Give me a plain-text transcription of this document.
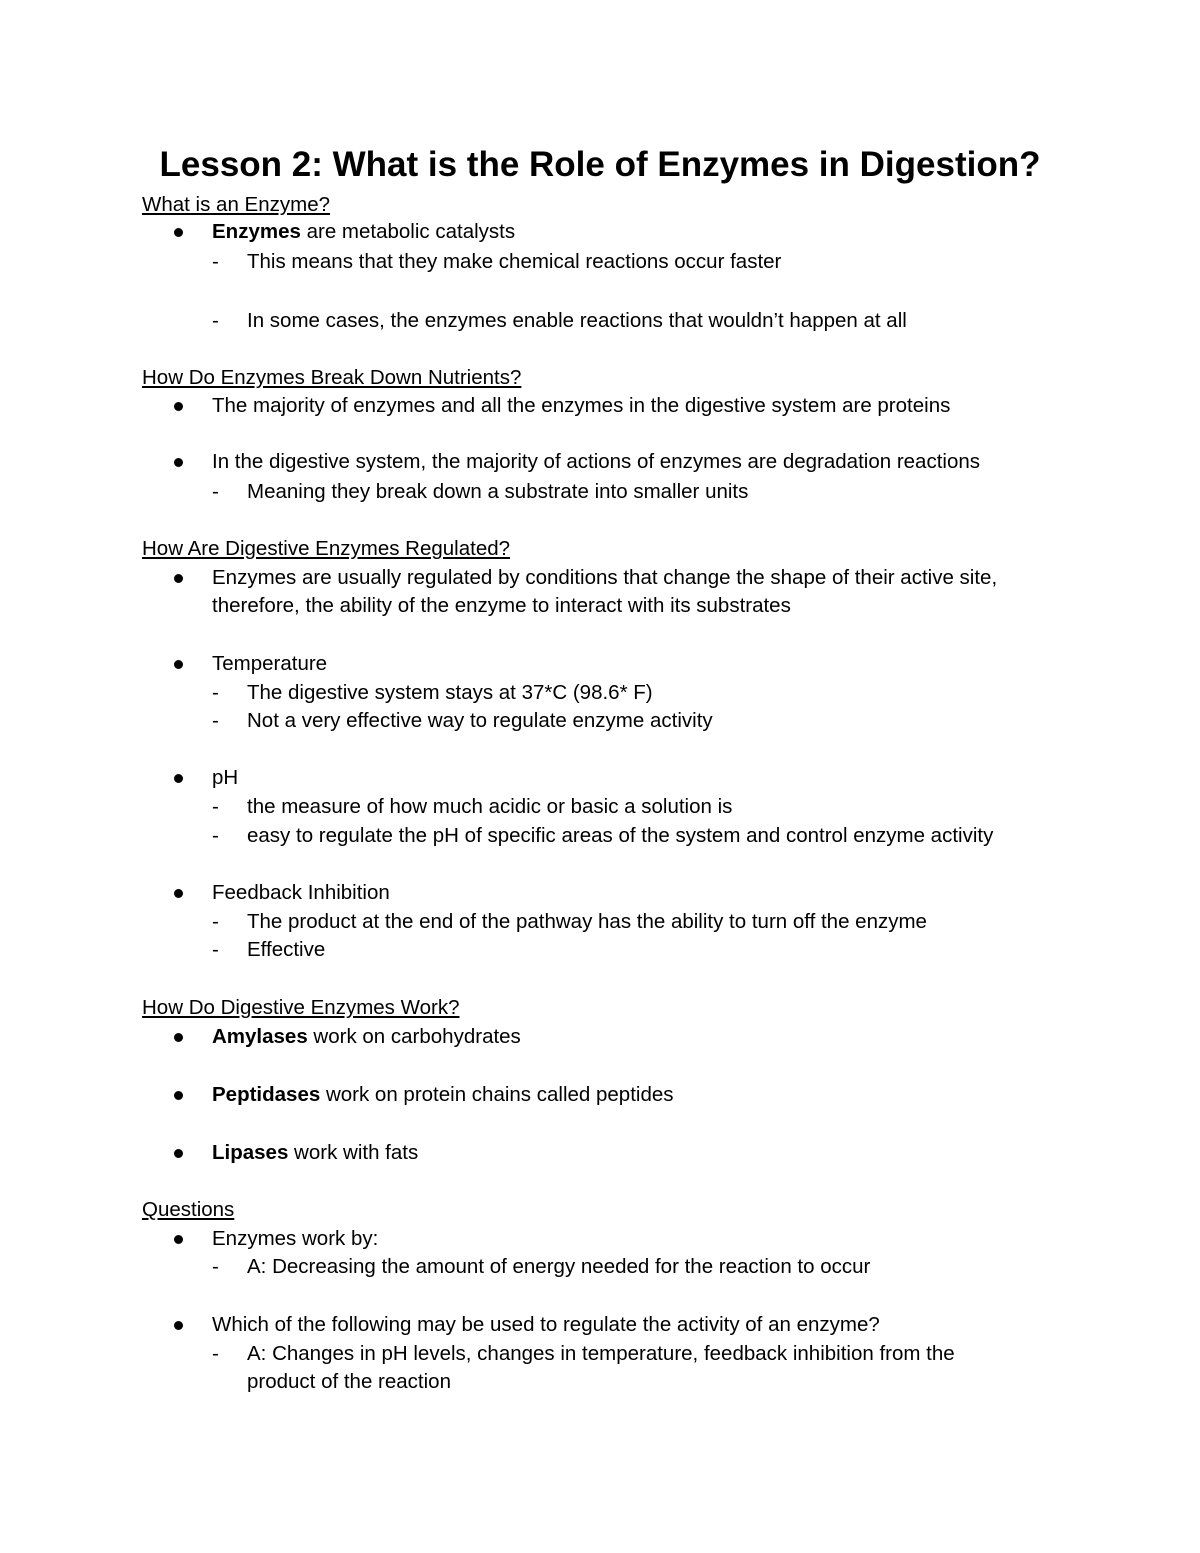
Lesson 2: What is the Role of Enzymes in Digestion?
What is an Enzyme?
Enzymes are metabolic catalysts
- This means that they make chemical reactions occur faster
- In some cases, the enzymes enable reactions that wouldn’t happen at all
How Do Enzymes Break Down Nutrients?
The majority of enzymes and all the enzymes in the digestive system are proteins
In the digestive system, the majority of actions of enzymes are degradation reactions
- Meaning they break down a substrate into smaller units
How Are Digestive Enzymes Regulated?
Enzymes are usually regulated by conditions that change the shape of their active site,
therefore, the ability of the enzyme to interact with its substrates
Temperature
- The digestive system stays at 37*C (98.6* F)
- Not a very effective way to regulate enzyme activity
pH
- the measure of how much acidic or basic a solution is
- easy to regulate the pH of specific areas of the system and control enzyme activity
Feedback Inhibition
- The product at the end of the pathway has the ability to turn off the enzyme
- Effective
How Do Digestive Enzymes Work?
Amylases work on carbohydrates
Peptidases work on protein chains called peptides
Lipases work with fats
Questions
Enzymes work by:
- A: Decreasing the amount of energy needed for the reaction to occur
Which of the following may be used to regulate the activity of an enzyme?
- A: Changes in pH levels, changes in temperature, feedback inhibition from the
product of the reaction
